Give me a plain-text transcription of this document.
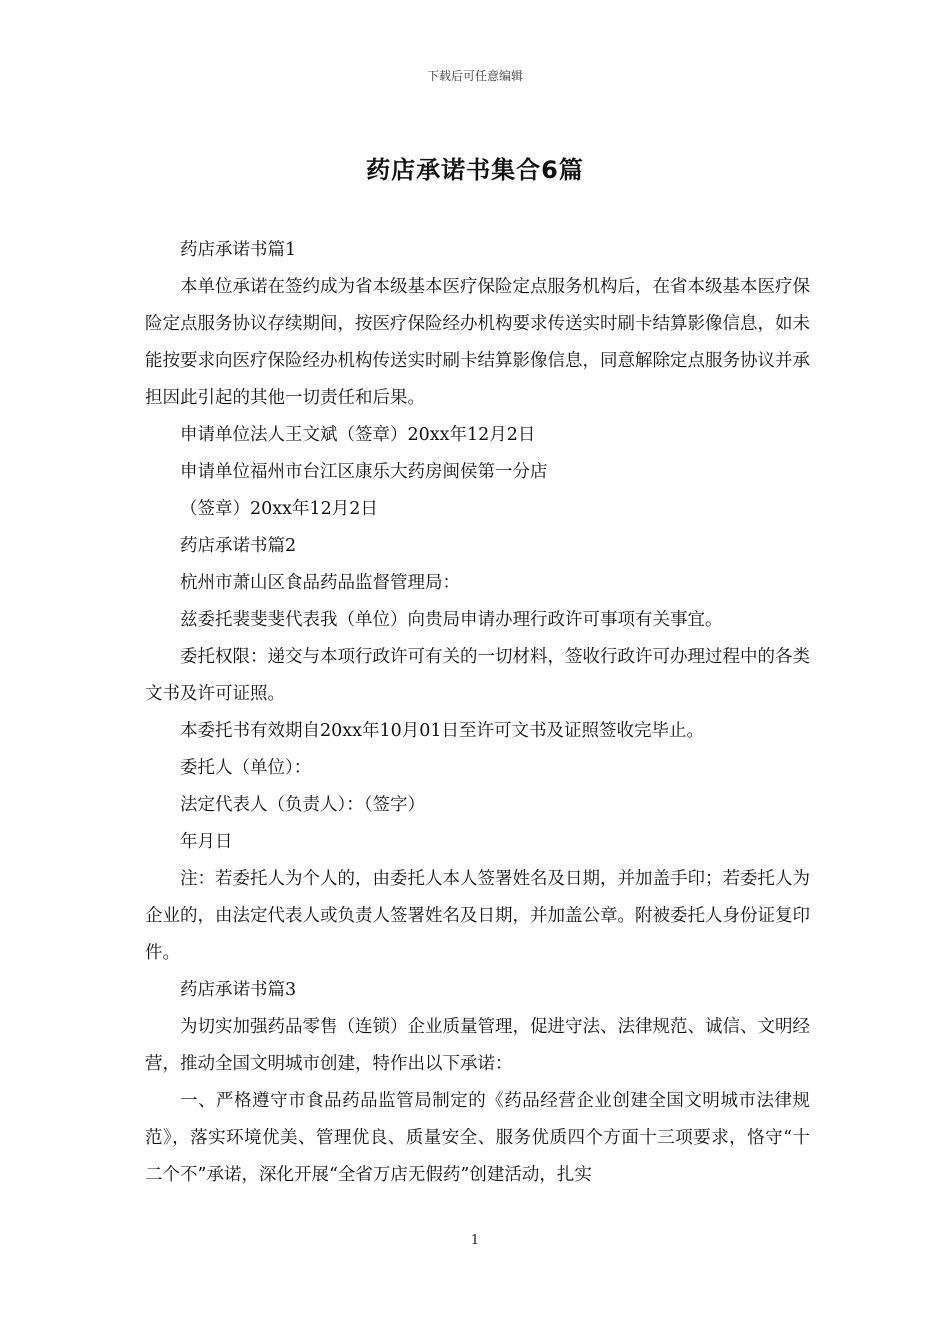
下载后可任意编辑
药店承诺书集合6篇

药店承诺书篇1

本单位承诺在签约成为省本级基本医疗保险定点服务机构后，在省本级基本医疗保险定点服务协议存续期间，按医疗保险经办机构要求传送实时刷卡结算影像信息，如未能按要求向医疗保险经办机构传送实时刷卡结算影像信息，同意解除定点服务协议并承担因此引起的其他一切责任和后果。

申请单位法人王文斌（签章）20xx年12月2日

申请单位福州市台江区康乐大药房闽侯第一分店

（签章）20xx年12月2日

药店承诺书篇2

杭州市萧山区食品药品监督管理局：

兹委托裴斐斐代表我（单位）向贵局申请办理行政许可事项有关事宜。

委托权限：递交与本项行政许可有关的一切材料，签收行政许可办理过程中的各类文书及许可证照。

本委托书有效期自20xx年10月01日至许可文书及证照签收完毕止。

委托人（单位）：

法定代表人（负责人）：（签字）

年月日

注：若委托人为个人的，由委托人本人签署姓名及日期，并加盖手印；若委托人为企业的，由法定代表人或负责人签署姓名及日期，并加盖公章。附被委托人身份证复印件。

药店承诺书篇3

为切实加强药品零售（连锁）企业质量管理，促进守法、法律规范、诚信、文明经营，推动全国文明城市创建，特作出以下承诺：

一、严格遵守市食品药品监管局制定的《药品经营企业创建全国文明城市法律规范》，落实环境优美、管理优良、质量安全、服务优质四个方面十三项要求，恪守“十二个不”承诺，深化开展“全省万店无假药”创建活动，扎实

1
